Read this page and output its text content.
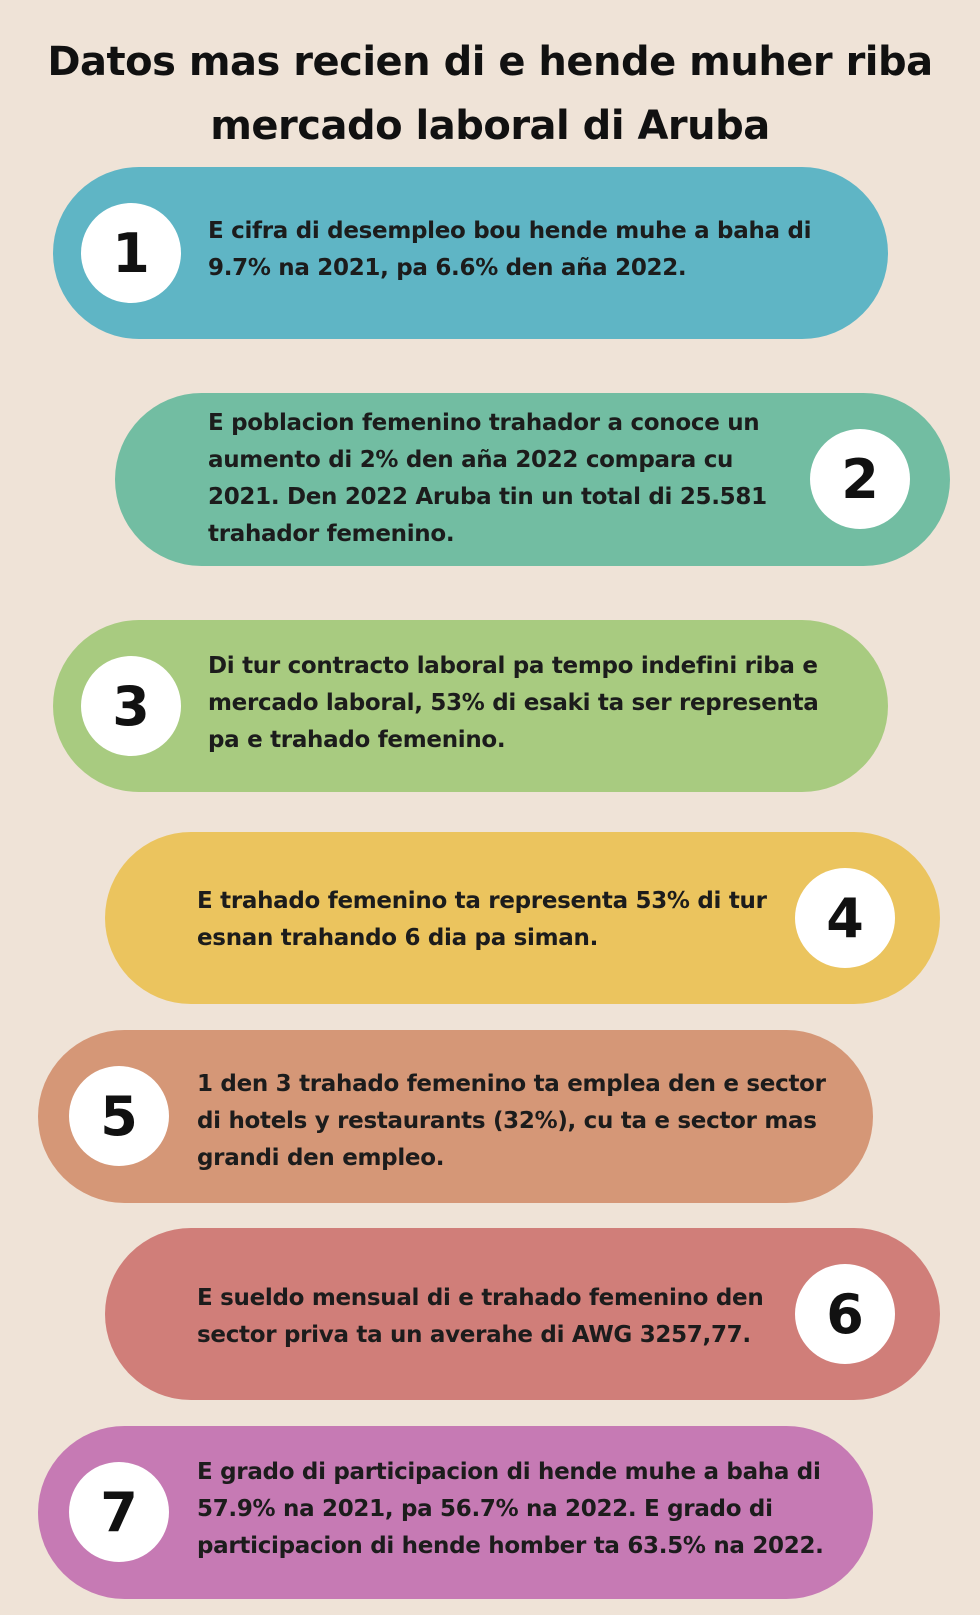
Datos mas recien di e hende muher riba mercado laboral di Aruba
1	E cifra di desempleo bou hende muhe a baha di 9.7% na 2021, pa 6.6% den aña 2022.
E poblacion femenino trahador a conoce un aumento di 2% den aña 2022 compara cu 2021. Den 2022 Aruba tin un total di 25.581 trahador femenino.
2
3
Di tur contracto laboral pa tempo indefini riba e mercado laboral, 53% di esaki ta ser representa pa e trahado femenino.
E trahado femenino ta representa 53% di tur esnan trahando 6 dia pa siman.	4
5
1 den 3 trahado femenino ta emplea den e sector di hotels y restaurants (32%), cu ta e sector mas grandi den empleo.
E sueldo mensual di e trahado femenino den sector priva ta un averahe di AWG 3257,77.	6
7
E grado di participacion di hende muhe a baha di 57.9% na 2021, pa 56.7% na 2022. E grado di participacion di hende homber ta 63.5% na 2022.
